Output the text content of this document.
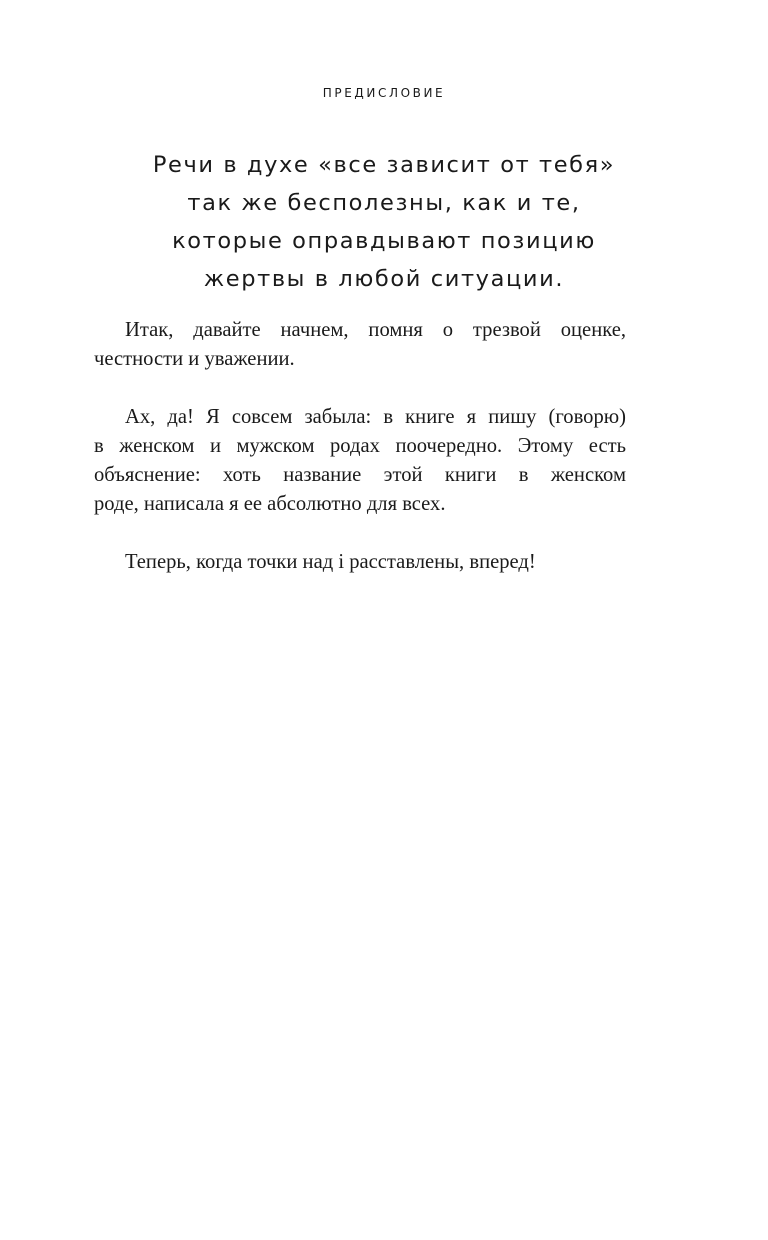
ПРЕДИСЛОВИЕ
Речи в духе «все зависит от тебя»
так же бесполезны, как и те,
которые оправдывают позицию
жертвы в любой ситуации.

Итак, давайте начнем, помня о трезвой оценке,
честности и уважении.

Ах, да! Я совсем забыла: в книге я пишу (говорю)
в женском и мужском родах поочередно. Этому есть
объяснение: хоть название этой книги в женском
роде, написала я ее абсолютно для всех.

Теперь, когда точки над і расставлены, вперед!
